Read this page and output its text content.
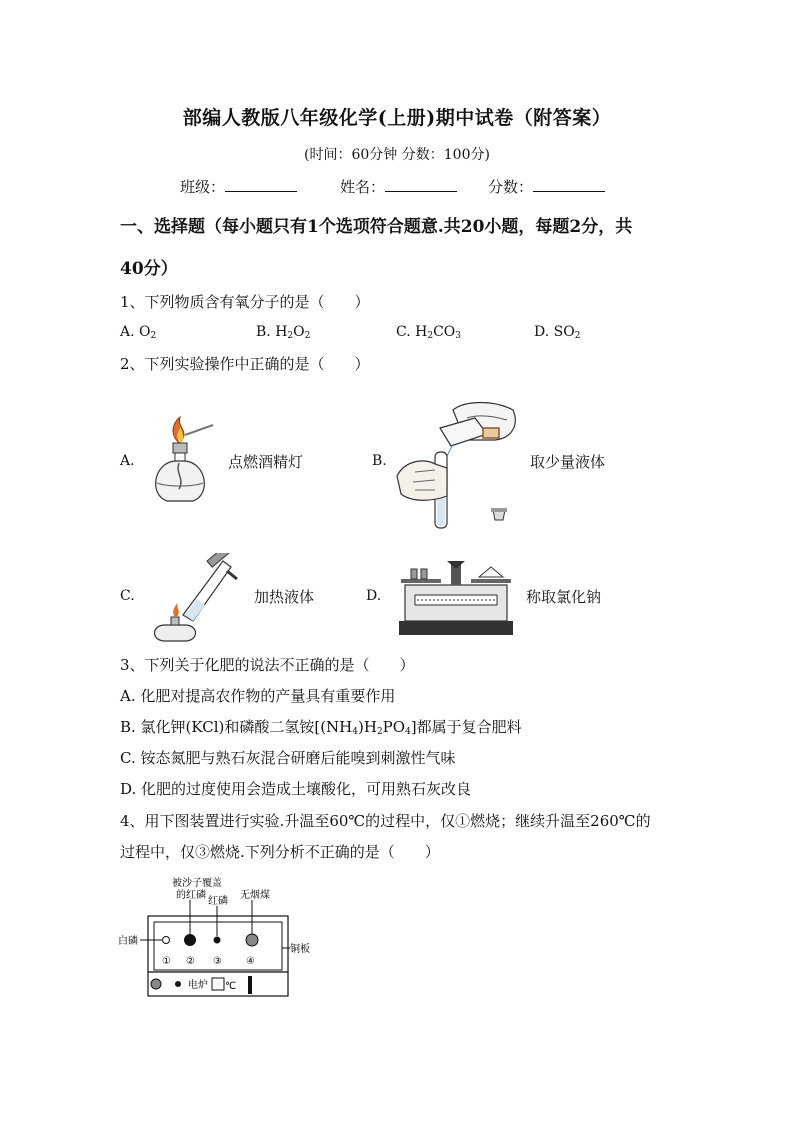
部编人教版八年级化学(上册)期中试卷（附答案）
(时间：60分钟 分数：100分)
班级：	姓名：	分数：
一、选择题（每小题只有1个选项符合题意.共20小题，每题2分，共
40分）
1、下列物质含有氧分子的是（　　）
A. $O_2$	B. $H_2O_2$	C. $H_2CO_3$	D. $SO_2$
2、下列实验操作中正确的是（　　）
A.	点燃酒精灯	B.	取少量液体
C.	加热液体	D.	称取氯化钠
3、下列关于化肥的说法不正确的是（　　）
A. 化肥对提高农作物的产量具有重要作用
B. 氯化钾(KCl)和磷酸二氢铵$[(NH_4)H_2PO_4]$都属于复合肥料
C. 铵态氮肥与熟石灰混合研磨后能嗅到刺激性气味
D. 化肥的过度使用会造成土壤酸化，可用熟石灰改良
4、用下图装置进行实验.升温至60℃的过程中，仅①燃烧；继续升温至260℃的
过程中，仅③燃烧.下列分析不正确的是（　　）
被沙子覆盖
的红磷
红磷
无烟煤
白磷
铜板
① ② ③ ④
电炉 ℃
